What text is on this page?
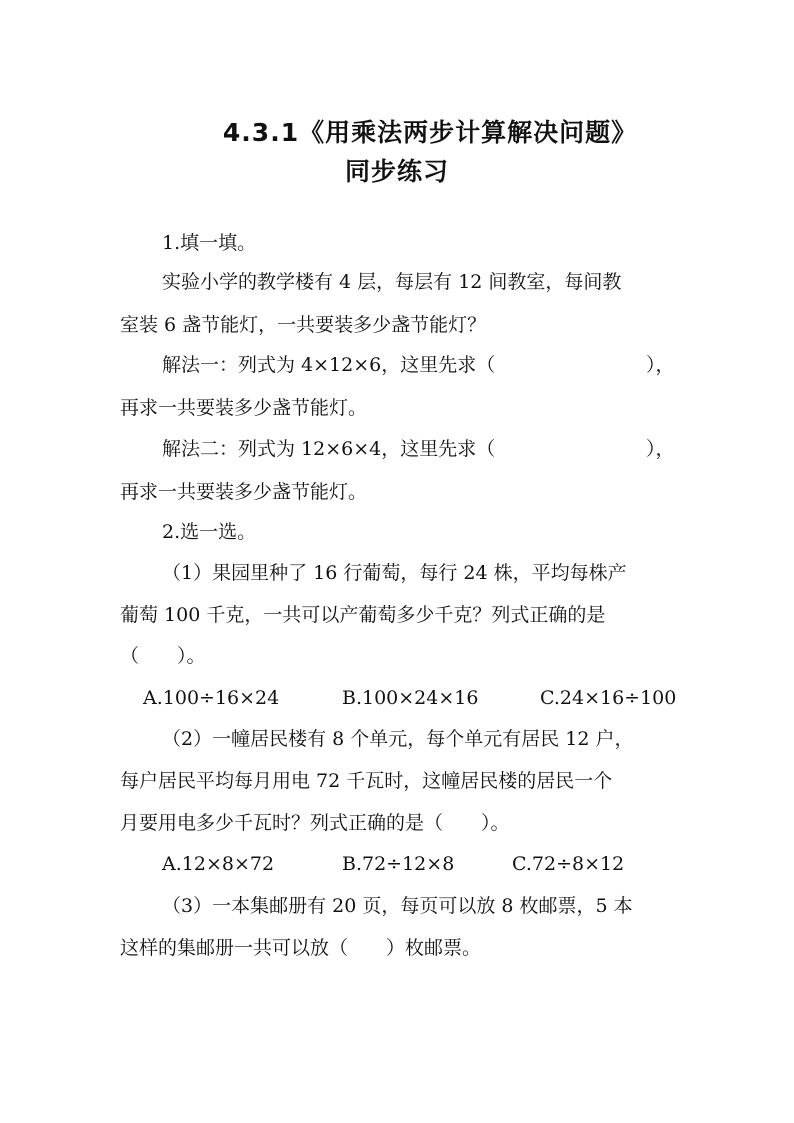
4.3.1《用乘法两步计算解决问题》
同步练习
1.填一填。
实验小学的教学楼有 4 层，每层有 12 间教室，每间教
室装 6 盏节能灯，一共要装多少盏节能灯？
解法一：列式为 4×12×6，这里先求（	），
再求一共要装多少盏节能灯。
解法二：列式为 12×6×4，这里先求（	），
再求一共要装多少盏节能灯。
2.选一选。
（1）果园里种了 16 行葡萄，每行 24 株，平均每株产
葡萄 100 千克，一共可以产葡萄多少千克？列式正确的是
（　　）。
A.100÷16×24	B.100×24×16	C.24×16÷100
（2）一幢居民楼有 8 个单元，每个单元有居民 12 户，
每户居民平均每月用电 72 千瓦时，这幢居民楼的居民一个
月要用电多少千瓦时？列式正确的是（　　）。
A.12×8×72	B.72÷12×8	C.72÷8×12
（3）一本集邮册有 20 页，每页可以放 8 枚邮票，5 本
这样的集邮册一共可以放（　　）枚邮票。
